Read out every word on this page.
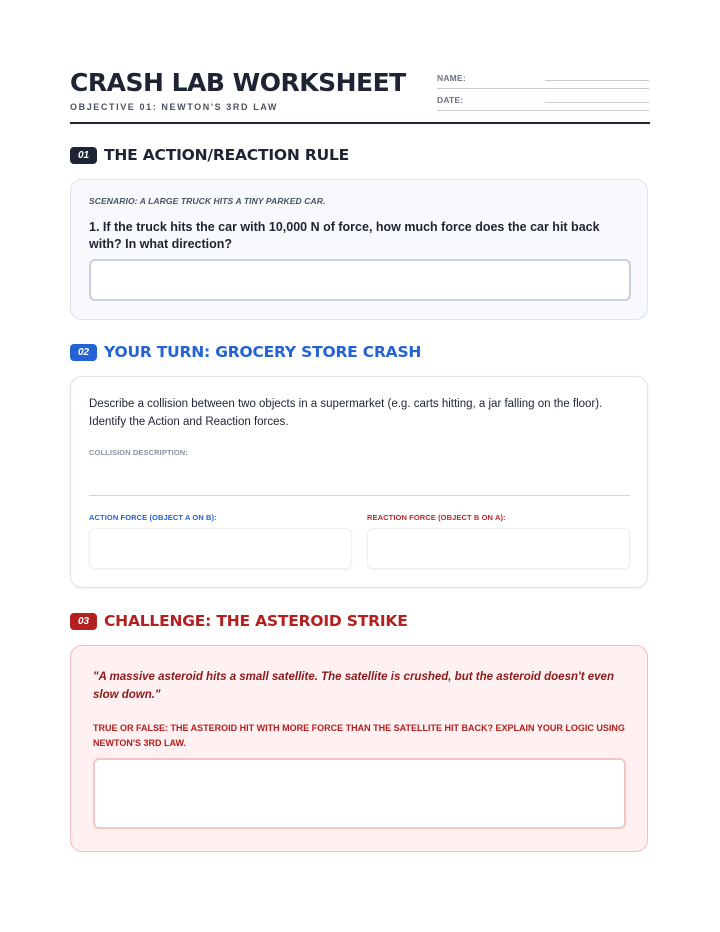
CRASH LAB WORKSHEET
OBJECTIVE 01: NEWTON'S 3RD LAW
NAME:
DATE:
01 THE ACTION/REACTION RULE
SCENARIO: A LARGE TRUCK HITS A TINY PARKED CAR.
1. If the truck hits the car with 10,000 N of force, how much force does the car hit back with? In what direction?
02 YOUR TURN: GROCERY STORE CRASH
Describe a collision between two objects in a supermarket (e.g. carts hitting, a jar falling on the floor). Identify the Action and Reaction forces.
COLLISION DESCRIPTION:
ACTION FORCE (OBJECT A ON B):	REACTION FORCE (OBJECT B ON A):
03 CHALLENGE: THE ASTEROID STRIKE
"A massive asteroid hits a small satellite. The satellite is crushed, but the asteroid doesn't even slow down."
TRUE OR FALSE: THE ASTEROID HIT WITH MORE FORCE THAN THE SATELLITE HIT BACK? EXPLAIN YOUR LOGIC USING NEWTON'S 3RD LAW.
